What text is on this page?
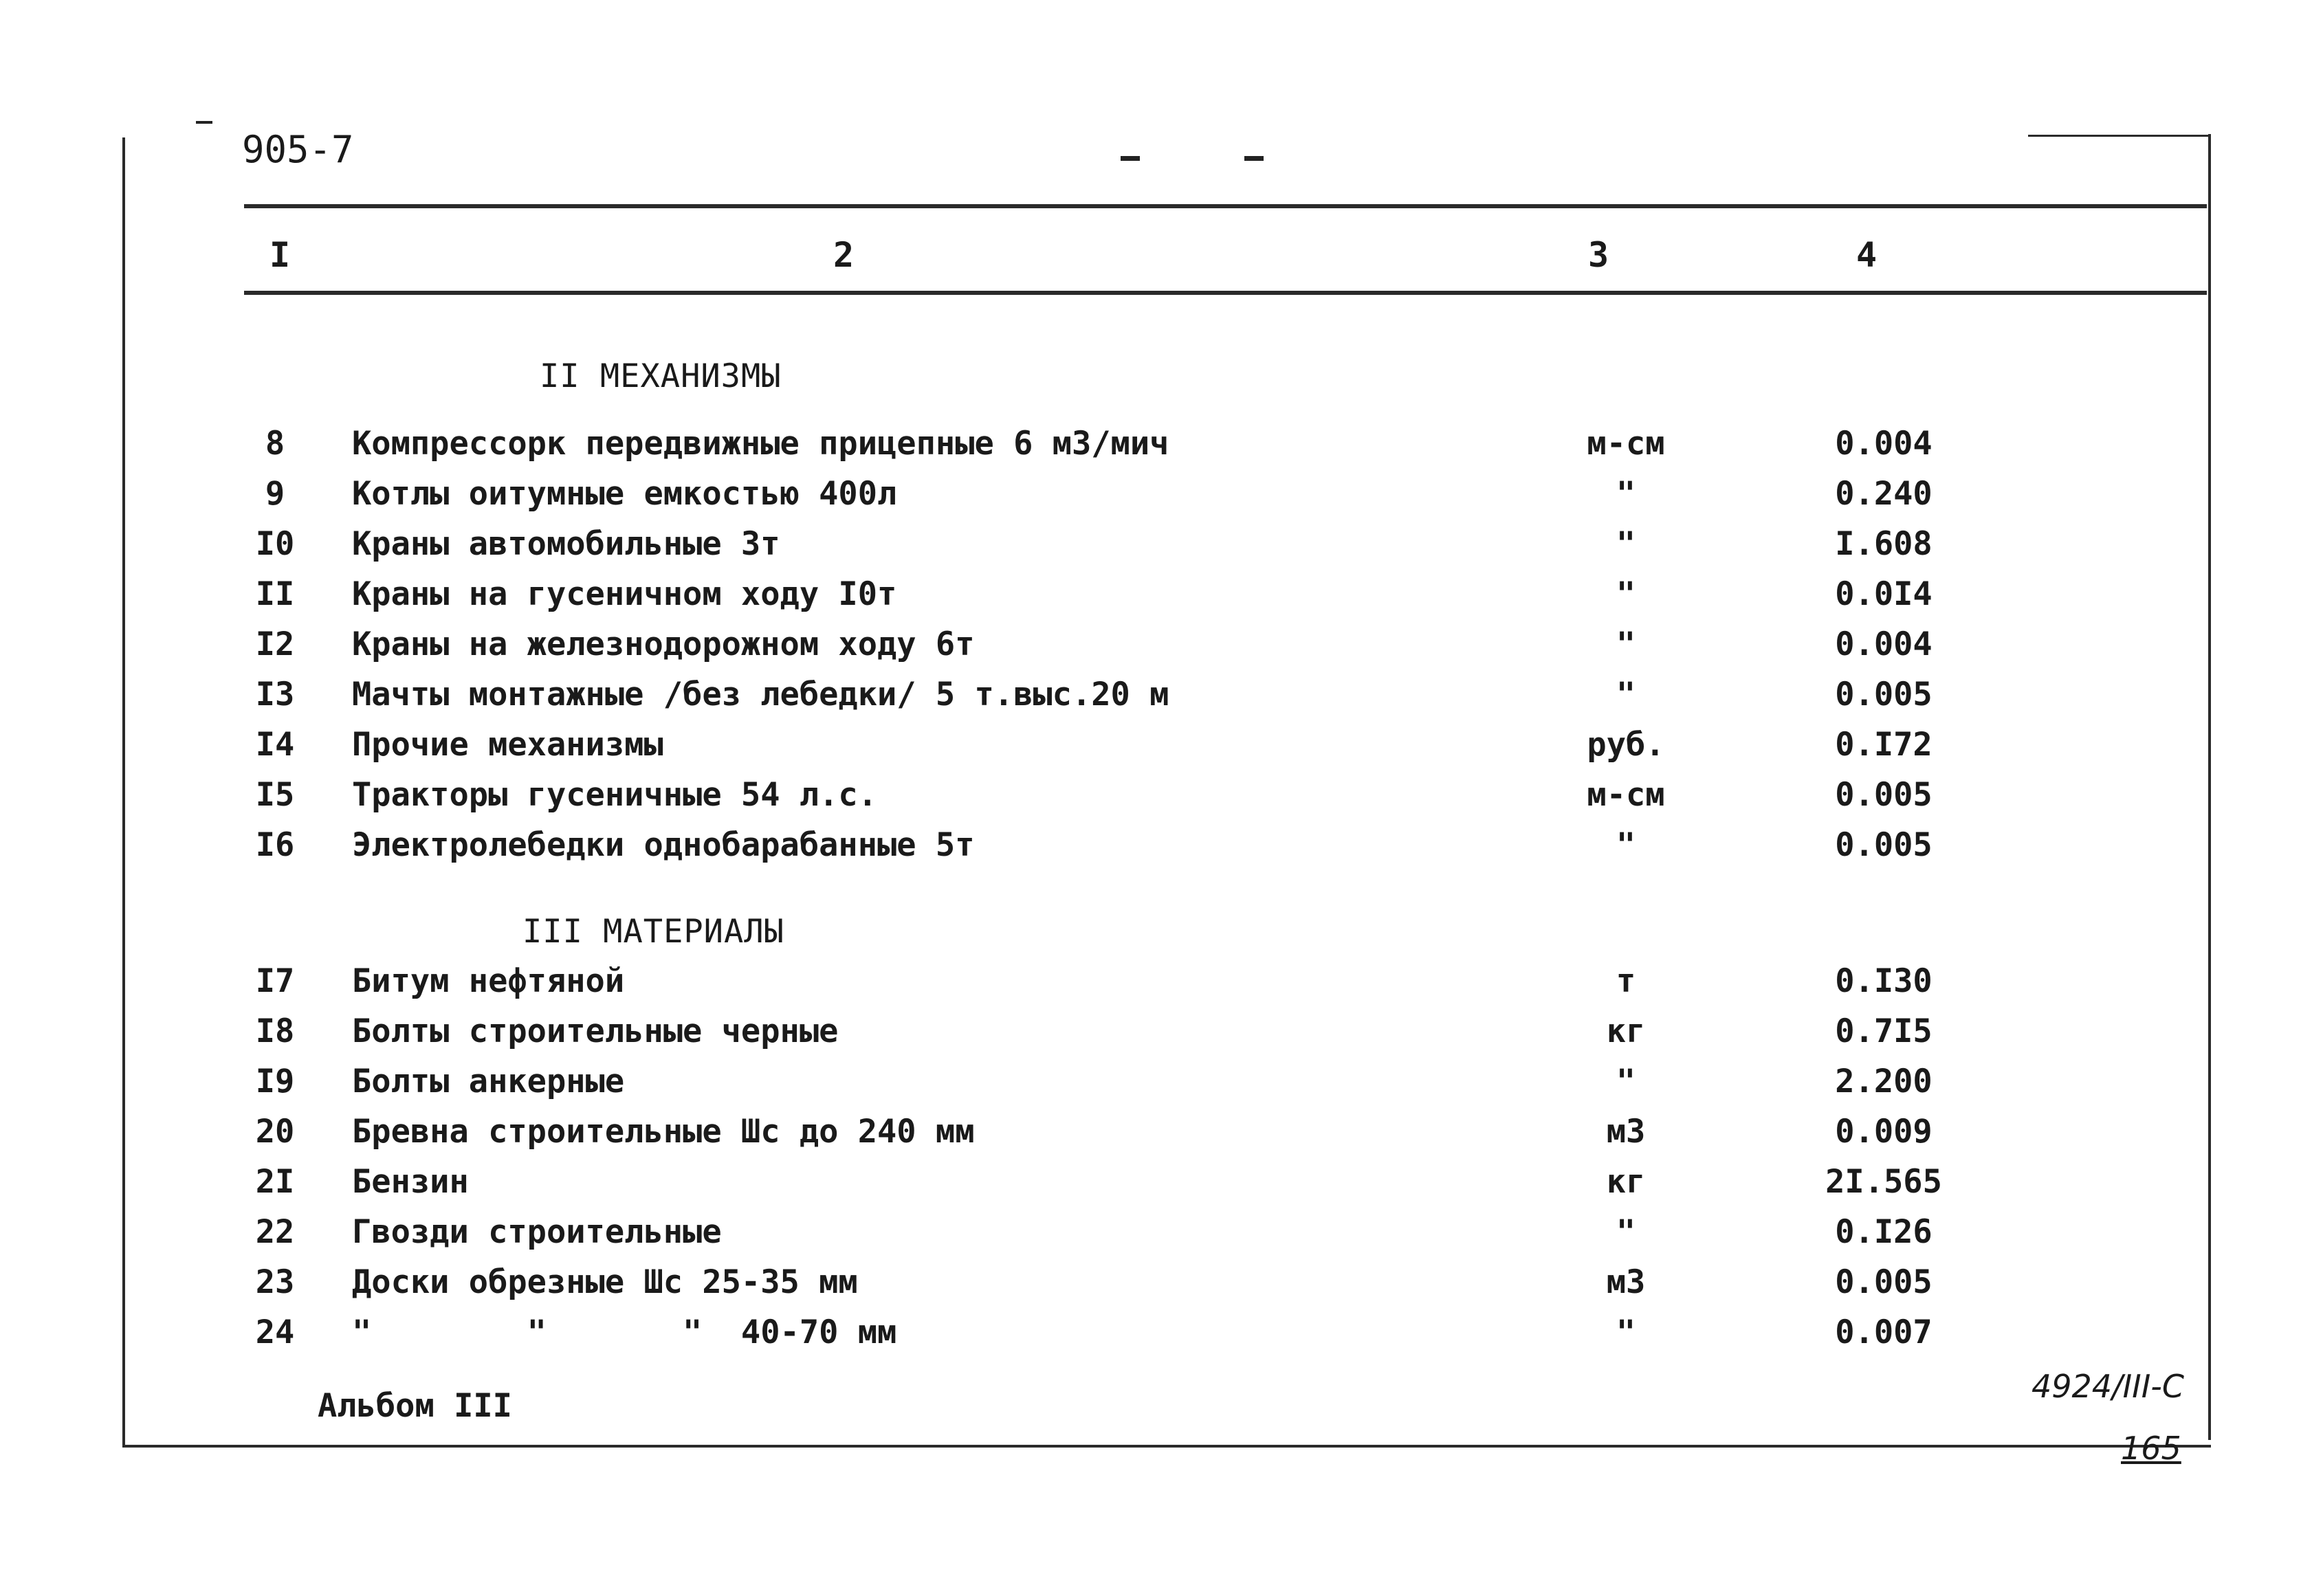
905-7
I	2	3	4
II МЕХАНИЗМЫ
8	Компрессорк передвижные прицепные 6 м3/мич	м-см	0.004
9	Котлы оитумные емкостью 400л	"	0.240
I0 Краны автомобильные 3т	"	I.608
II Краны на гусеничном ходу I0т	"	0.0I4
I2 Краны на железнодорожном ходу 6т	"	0.004
I3 Мачты монтажные /без лебедки/ 5 т.выс.20 м	"	0.005
I4 Прочие механизмы	руб.	0.I72
I5 Тракторы гусеничные 54 л.с.	м-см	0.005
I6 Электролебедки однобарабанные 5т	"	0.005
III МАТЕРИАЛЫ
I7 Битум нефтяной	т	0.I30
I8 Болты строительные черные	кг	0.7I5
I9 Болты анкерные	"	2.200
20 Бревна строительные Шс до 240 мм	м3	0.009
2I Бензин	кг	2I.565
22 Гвозди строительные	"	0.I26
23 Доски обрезные Шс 25-35 мм	м3	0.005
24 "        "       "  40-70 мм	"	0.007
Альбом III
4924/III-С
165
